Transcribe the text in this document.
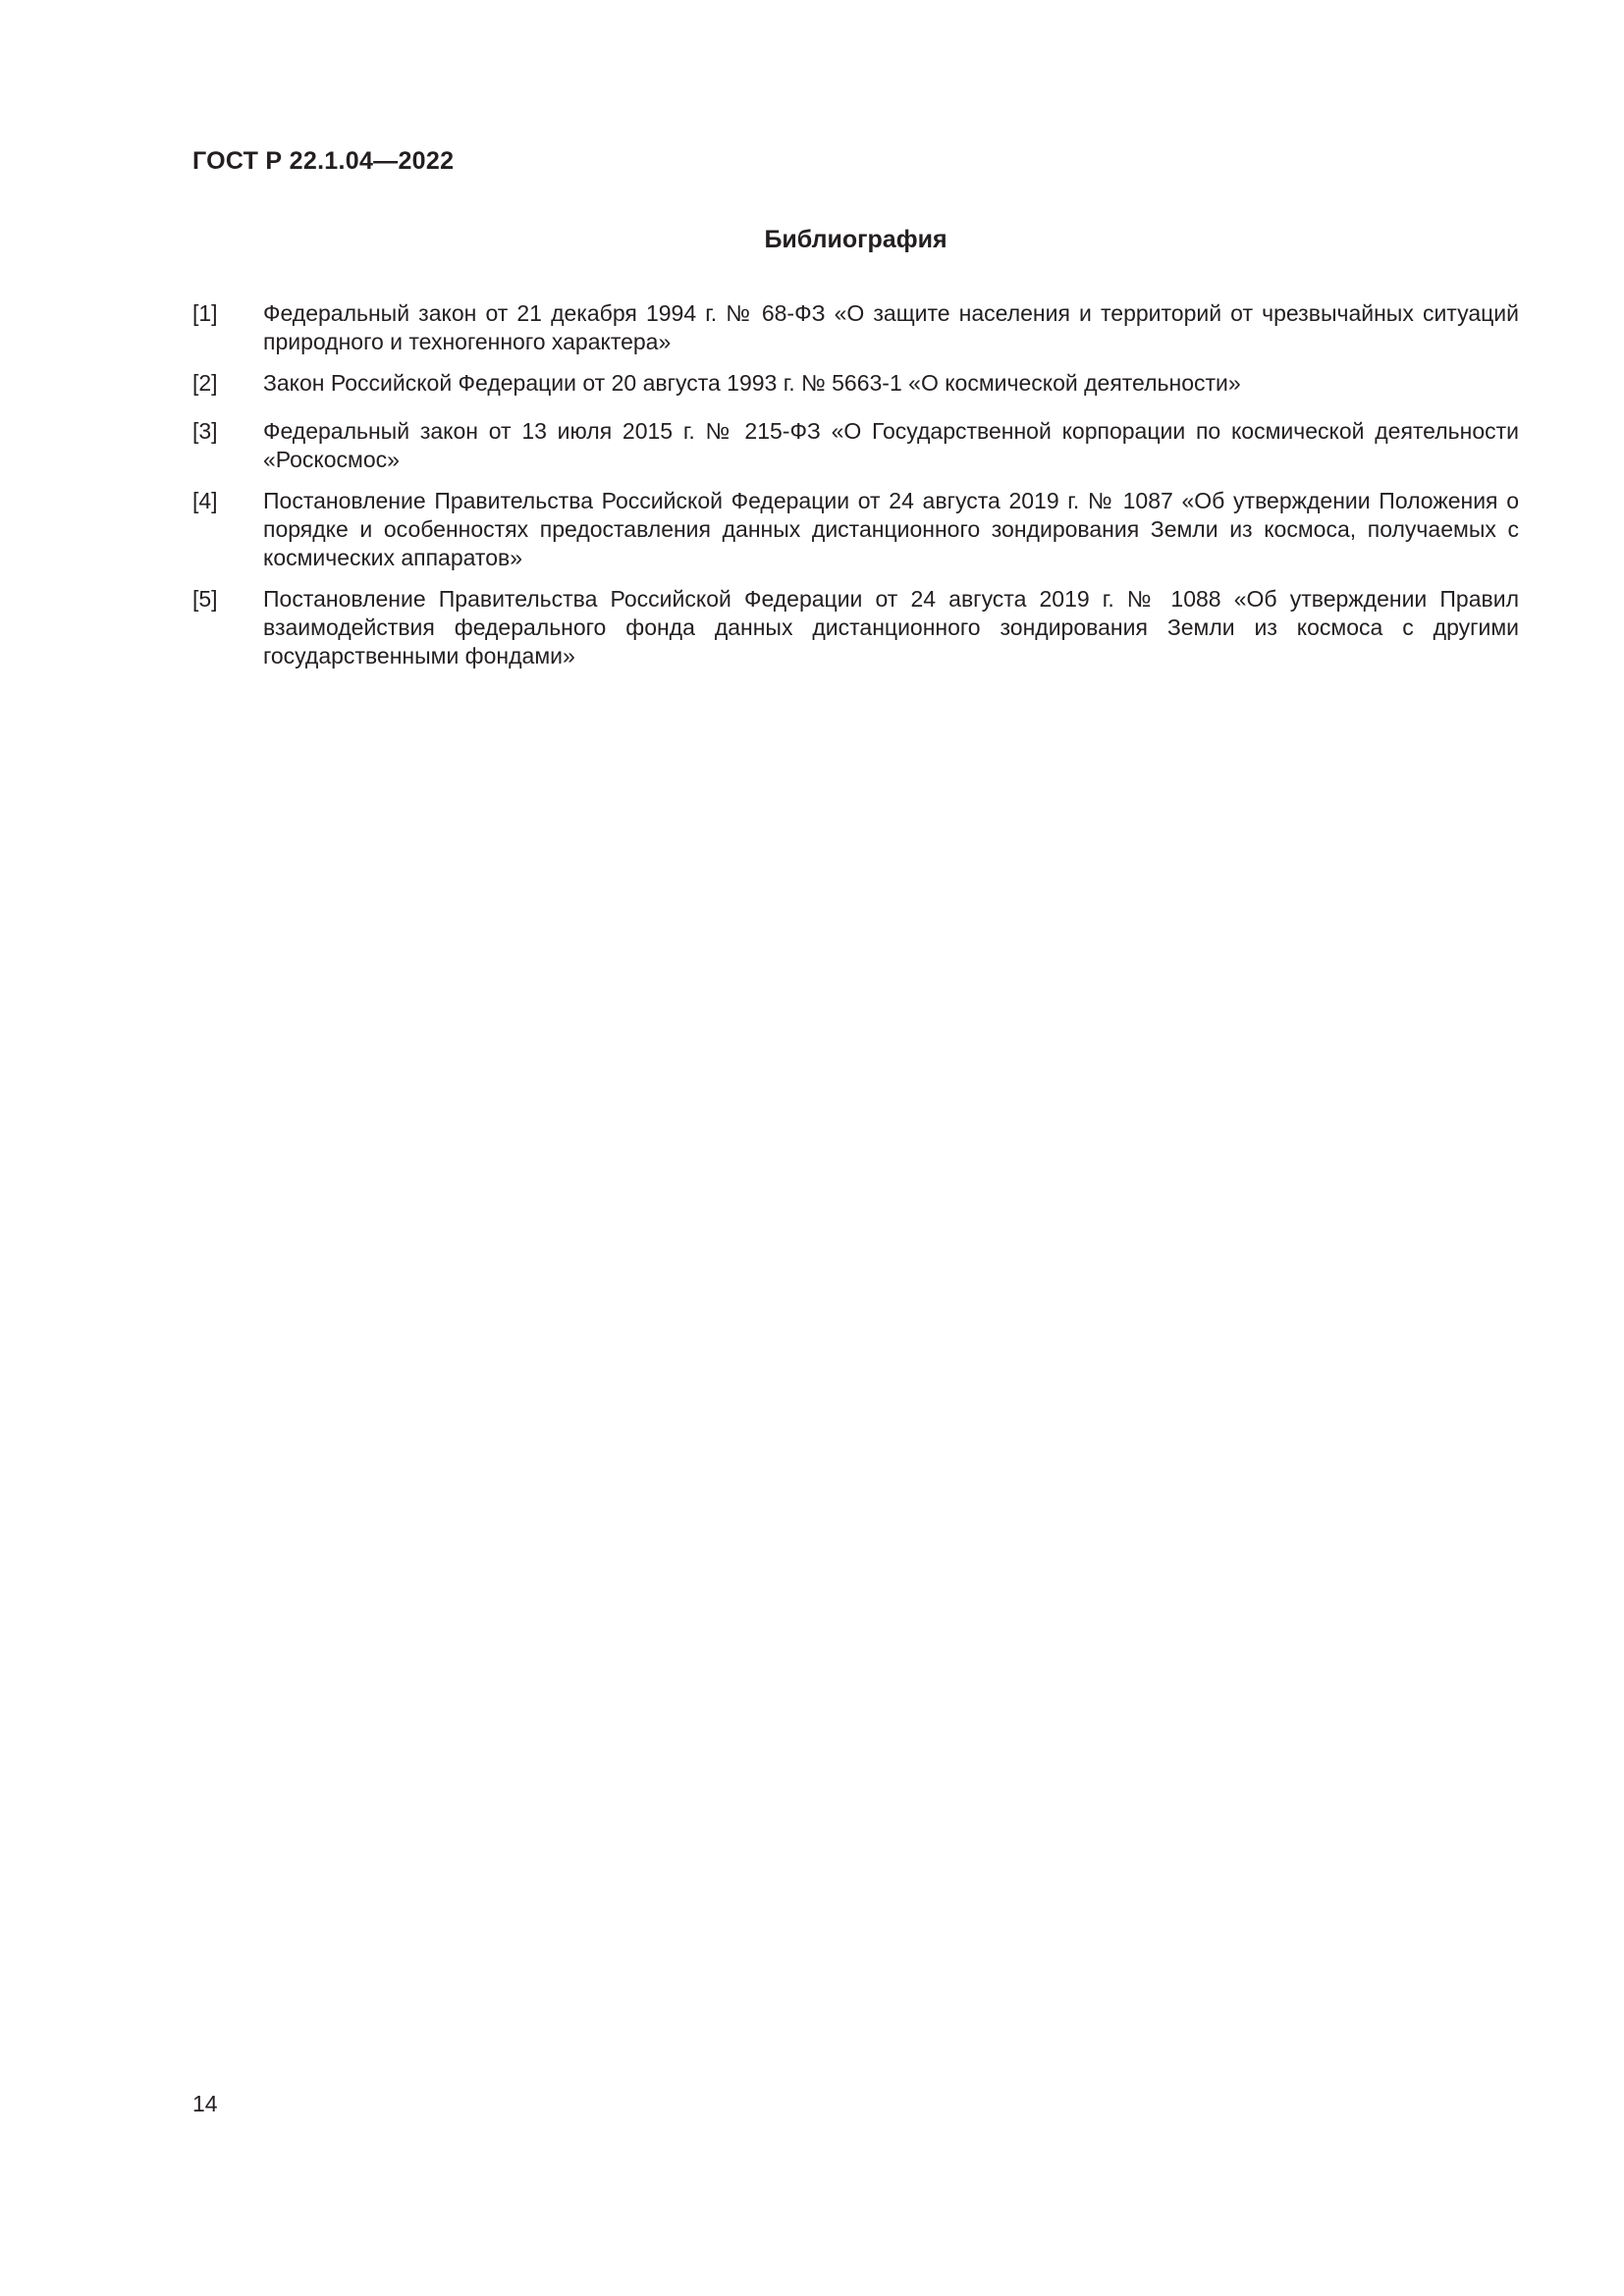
ГОСТ Р 22.1.04—2022
Библиография
[1]	Федеральный закон от 21 декабря 1994 г. № 68-ФЗ «О защите населения и территорий от чрезвычайных ситуаций природного и техногенного характера»
[2]	Закон Российской Федерации от 20 августа 1993 г. № 5663-1 «О космической деятельности»
[3]	Федеральный закон от 13 июля 2015 г. № 215-ФЗ «О Государственной корпорации по космической деятельности «Роскосмос»
[4]	Постановление Правительства Российской Федерации от 24 августа 2019 г. № 1087 «Об утверждении Положения о порядке и особенностях предоставления данных дистанционного зондирования Земли из космоса, получаемых с космических аппаратов»
[5]	Постановление Правительства Российской Федерации от 24 августа 2019 г. № 1088 «Об утверждении Правил взаимодействия федерального фонда данных дистанционного зондирования Земли из космоса с другими государственными фондами»
14
